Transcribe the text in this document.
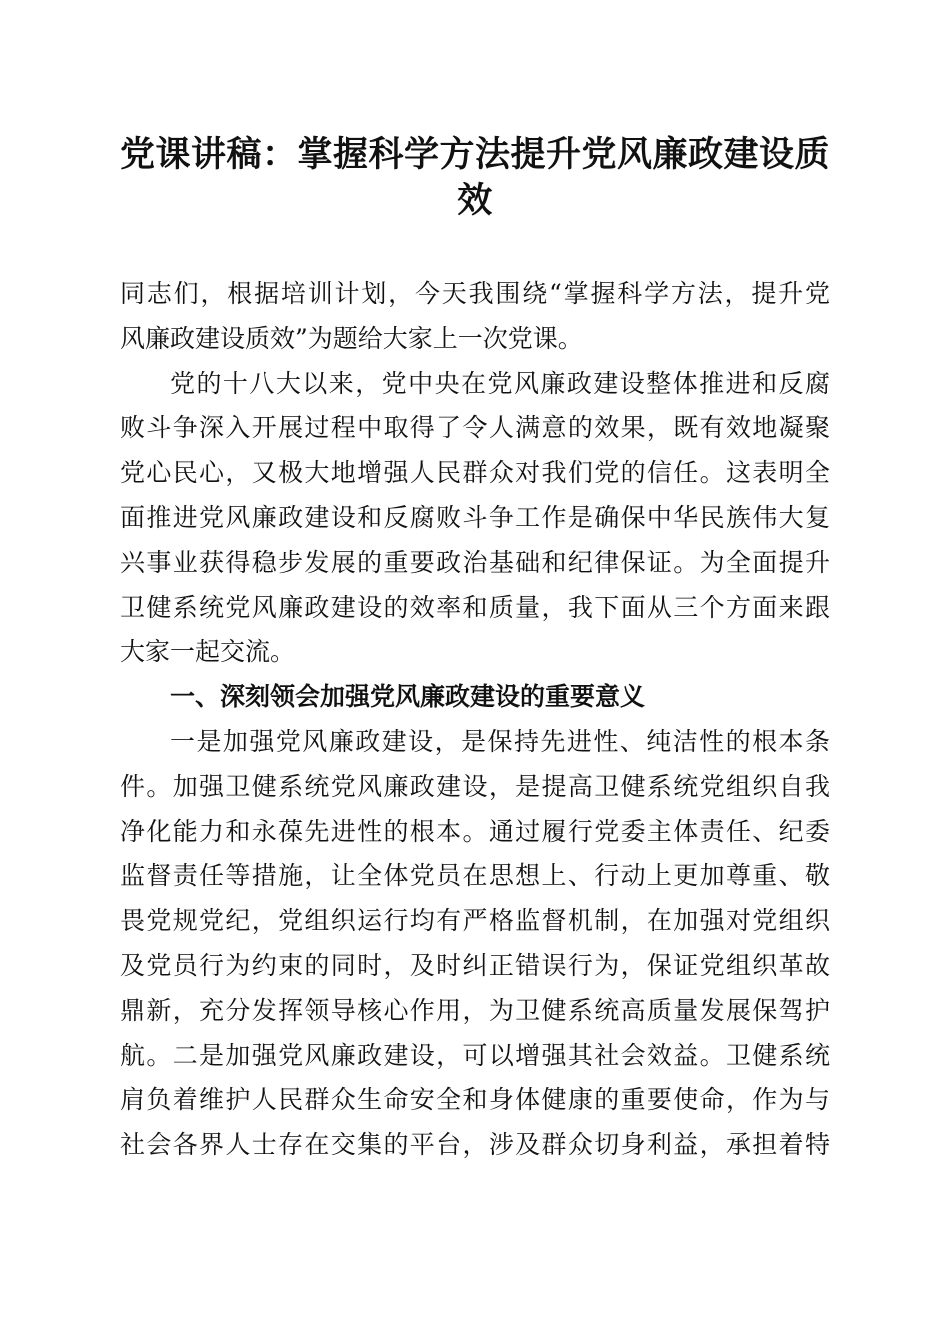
党课讲稿：掌握科学方法提升党风廉政建设质
效
同志们，根据培训计划，今天我围绕“掌握科学方法，提升党
风廉政建设质效”为题给大家上一次党课。
党的十八大以来，党中央在党风廉政建设整体推进和反腐
败斗争深入开展过程中取得了令人满意的效果，既有效地凝聚
党心民心，又极大地增强人民群众对我们党的信任。这表明全
面推进党风廉政建设和反腐败斗争工作是确保中华民族伟大复
兴事业获得稳步发展的重要政治基础和纪律保证。为全面提升
卫健系统党风廉政建设的效率和质量，我下面从三个方面来跟
大家一起交流。
一、深刻领会加强党风廉政建设的重要意义
一是加强党风廉政建设，是保持先进性、纯洁性的根本条
件。加强卫健系统党风廉政建设，是提高卫健系统党组织自我
净化能力和永葆先进性的根本。通过履行党委主体责任、纪委
监督责任等措施，让全体党员在思想上、行动上更加尊重、敬
畏党规党纪，党组织运行均有严格监督机制，在加强对党组织
及党员行为约束的同时，及时纠正错误行为，保证党组织革故
鼎新，充分发挥领导核心作用，为卫健系统高质量发展保驾护
航。二是加强党风廉政建设，可以增强其社会效益。卫健系统
肩负着维护人民群众生命安全和身体健康的重要使命，作为与
社会各界人士存在交集的平台，涉及群众切身利益，承担着特
